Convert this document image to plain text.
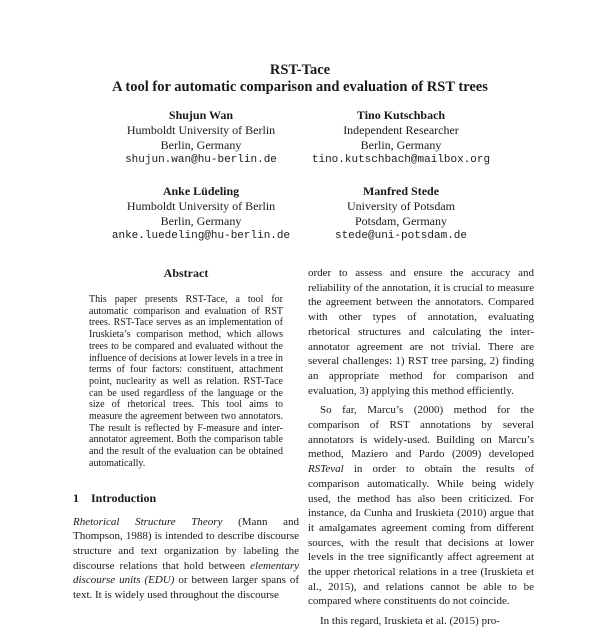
RST-Tace
A tool for automatic comparison and evaluation of RST trees
Shujun Wan
Humboldt University of Berlin
Berlin, Germany
shujun.wan@hu-berlin.de
Tino Kutschbach
Independent Researcher
Berlin, Germany
tino.kutschbach@mailbox.org
Anke Lüdeling
Humboldt University of Berlin
Berlin, Germany
anke.luedeling@hu-berlin.de
Manfred Stede
University of Potsdam
Potsdam, Germany
stede@uni-potsdam.de
Abstract
This paper presents RST-Tace, a tool for automatic comparison and evaluation of RST trees. RST-Tace serves as an implementation of Iruskieta’s comparison method, which allows trees to be compared and evaluated without the influence of decisions at lower levels in a tree in terms of four factors: constituent, attachment point, nuclearity as well as relation. RST-Tace can be used regardless of the language or the size of rhetorical trees. This tool aims to measure the agreement between two annotators. The result is reflected by F-measure and inter-annotator agreement. Both the comparison table and the result of the evaluation can be obtained automatically.
1 Introduction

Rhetorical Structure Theory (Mann and Thompson, 1988) is intended to describe discourse structure and text organization by labeling the discourse relations that hold between elementary discourse units (EDU) or between larger spans of text. It is widely used throughout the discourse

order to assess and ensure the accuracy and reliability of the annotation, it is crucial to measure the agreement between the annotators. Compared with other types of annotation, evaluating rhetorical structures and calculating the inter-annotator agreement are not trivial. There are several challenges: 1) RST tree parsing, 2) finding an appropriate method for comparison and evaluation, 3) applying this method efficiently.

So far, Marcu’s (2000) method for the comparison of RST annotations by several annotators is widely-used. Building on Marcu’s method, Maziero and Pardo (2009) developed RSTeval in order to obtain the results of comparison automatically. While being widely used, the method has also been criticized. For instance, da Cunha and Iruskieta (2010) argue that it amalgamates agreement coming from different sources, with the result that decisions at lower levels in the tree significantly affect agreement at the upper rhetorical relations in a tree (Iruskieta et al., 2015), and relations cannot be able to be compared where constituents do not coincide.

In this regard, Iruskieta et al. (2015) pro-
